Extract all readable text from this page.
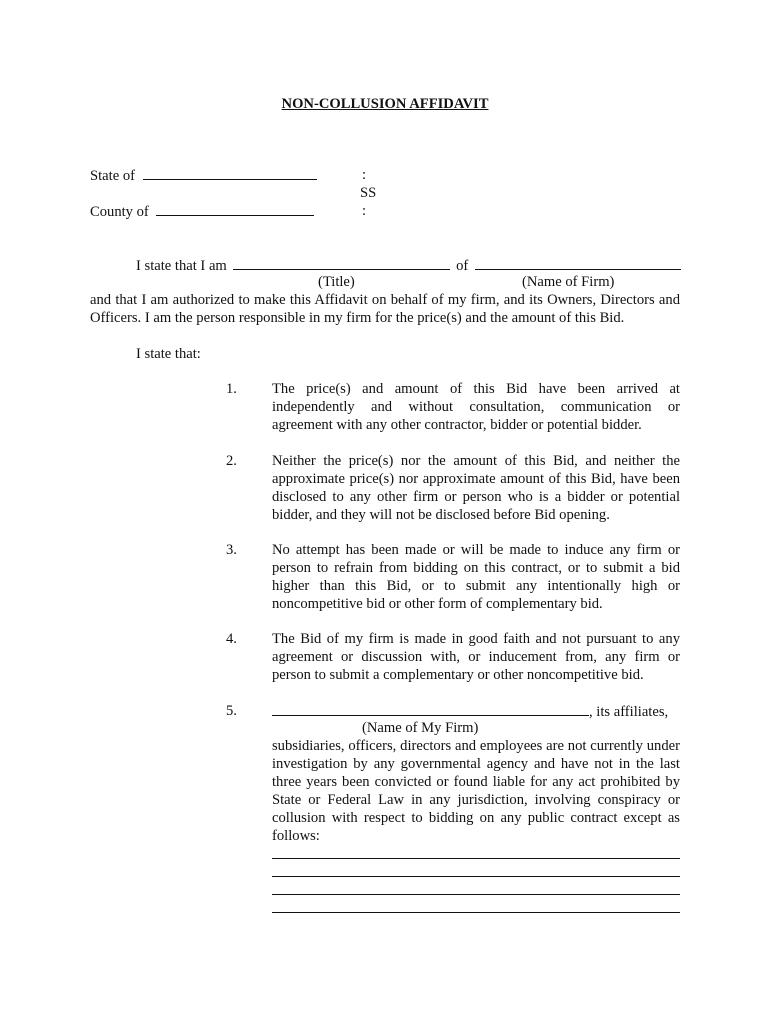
NON-COLLUSION AFFIDAVIT
State of
County of
:
SS
:
I state that I am	of
(Title)	(Name of Firm)
and that I am authorized to make this Affidavit on behalf of my firm, and its Owners, Directors and Officers. I am the person responsible in my firm for the price(s) and the amount of this Bid.
I state that:
1. The price(s) and amount of this Bid have been arrived at independently and without consultation, communication or agreement with any other contractor, bidder or potential bidder.
2. Neither the price(s) nor the amount of this Bid, and neither the approximate price(s) nor approximate amount of this Bid, have been disclosed to any other firm or person who is a bidder or potential bidder, and they will not be disclosed before Bid opening.
3. No attempt has been made or will be made to induce any firm or person to refrain from bidding on this contract, or to submit a bid higher than this Bid, or to submit any intentionally high or noncompetitive bid or other form of complementary bid.
4. The Bid of my firm is made in good faith and not pursuant to any agreement or discussion with, or inducement from, any firm or person to submit a complementary or other noncompetitive bid.
5.	, its affiliates,
(Name of My Firm)
subsidiaries, officers, directors and employees are not currently under investigation by any governmental agency and have not in the last three years been convicted or found liable for any act prohibited by State or Federal Law in any jurisdiction, involving conspiracy or collusion with respect to bidding on any public contract except as follows:
